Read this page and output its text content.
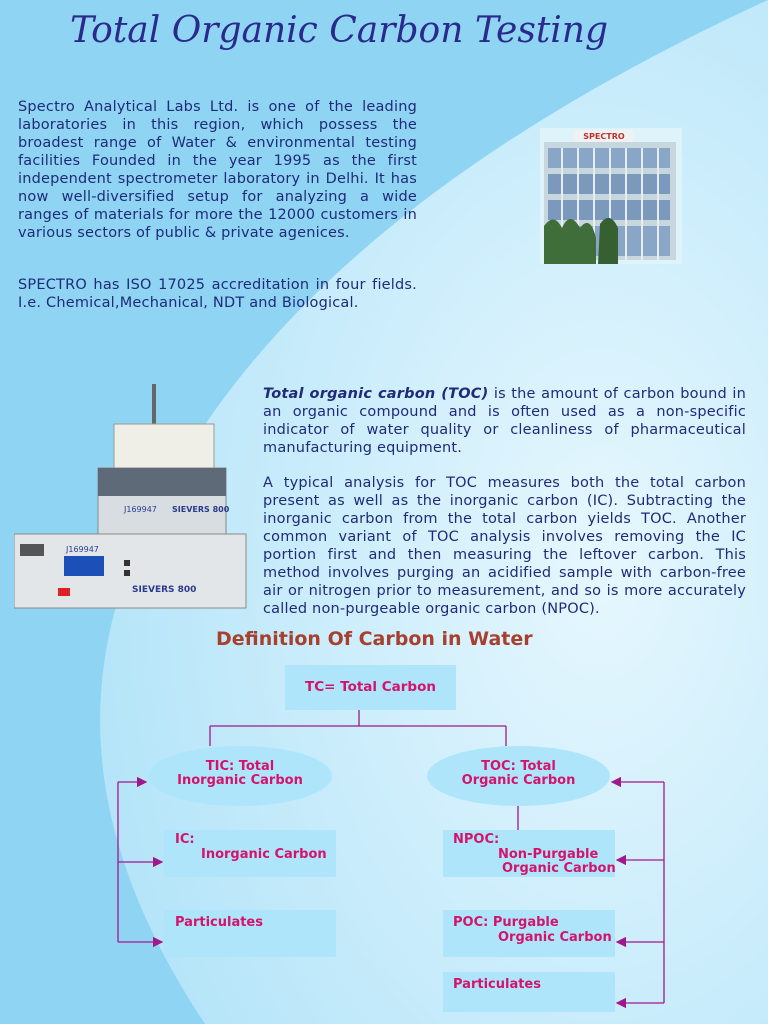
Total Organic Carbon Testing

Spectro Analytical Labs Ltd. is one of the leading laboratories in this region, which possess the broadest range of Water & environmental testing facilities Founded in the year 1995 as the first independent spectrometer laboratory in Delhi. It has now well-diversified setup for analyzing a wide ranges of materials for more the 12000 customers in various sectors of public & private agenices.

SPECTRO has ISO 17025 accreditation in four fields. I.e. Chemical,Mechanical, NDT and Biological.

SPECTRO
J169947 SIEVERS 800
J169947
SIEVERS 800

Total organic carbon (TOC) is the amount of carbon bound in an organic compound and is often used as a non-specific indicator of water quality or cleanliness of pharmaceutical manufacturing equipment.

A typical analysis for TOC measures both the total carbon present as well as the inorganic carbon (IC). Subtracting the inorganic carbon from the total carbon yields TOC. Another common variant of TOC analysis involves removing the IC portion first and then measuring the leftover carbon. This method involves purging an acidified sample with carbon-free air or nitrogen prior to measurement, and so is more accurately called non-purgeable organic carbon (NPOC).

Definition Of Carbon in Water
TC= Total Carbon
TIC: Total
Inorganic Carbon
TOC: Total
Organic Carbon
IC:
Inorganic Carbon
Particulates
NPOC:
Non-Purgable
Organic Carbon
POC: Purgable
Organic Carbon
Particulates
